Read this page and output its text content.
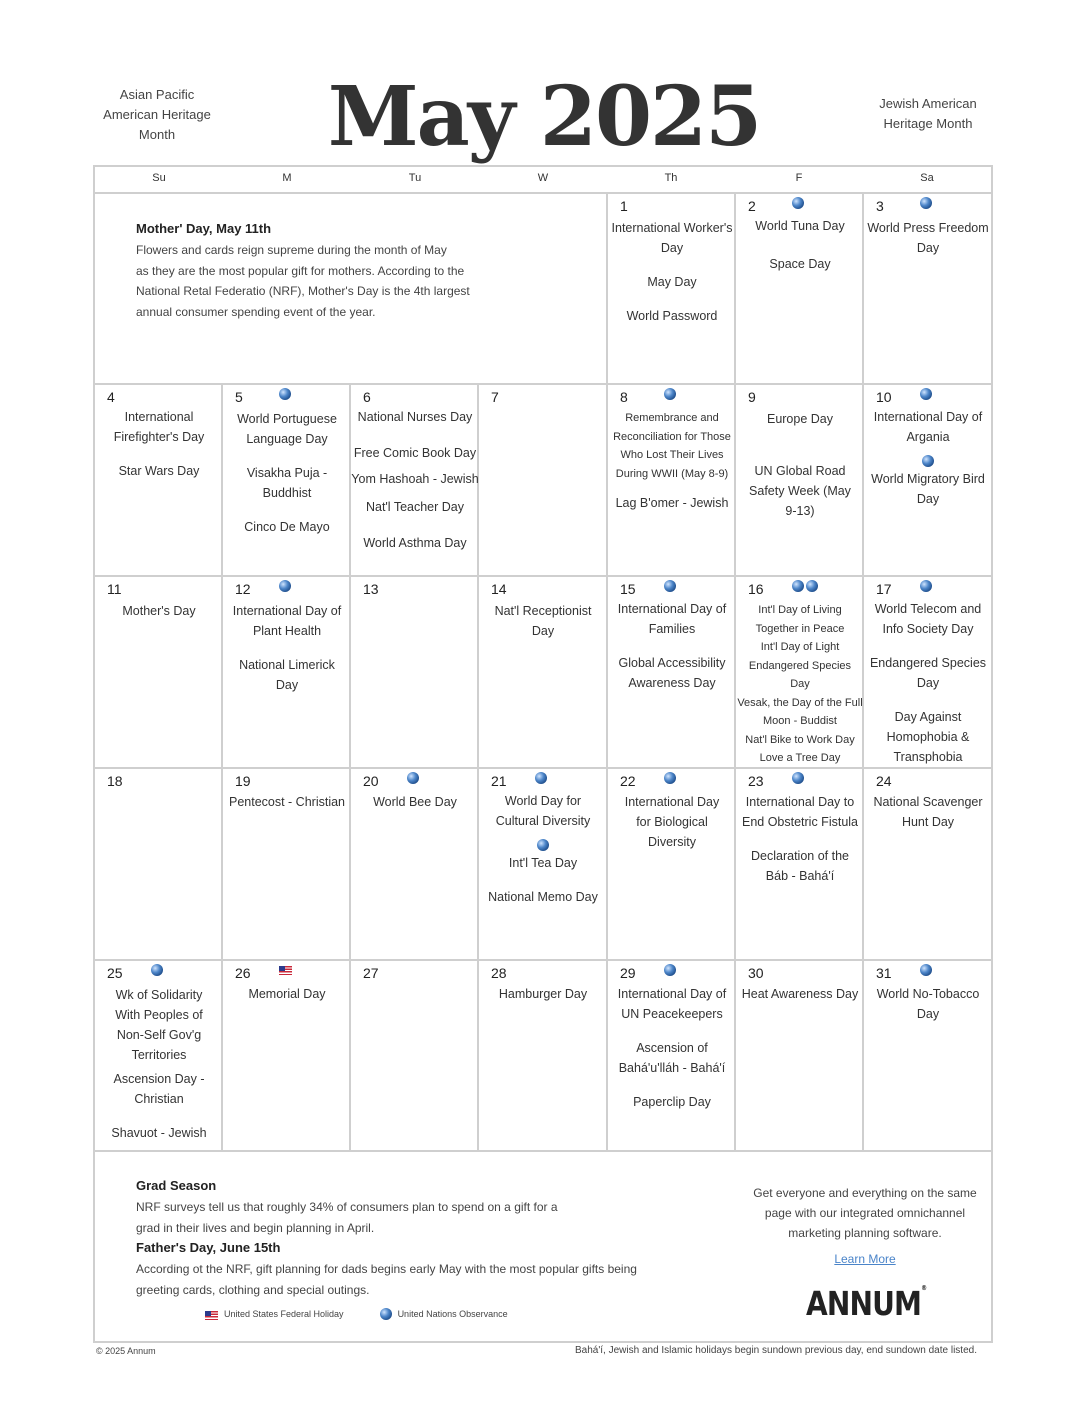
Asian Pacific American Heritage Month	May 2025	Jewish American Heritage Month
Su	M	Tu	W	Th	F	Sa
Mother' Day, May 11th
Flowers and cards reign supreme during the month of May
as they are the most popular gift for mothers. According to the
National Retal Federatio (NRF), Mother's Day is the 4th largest
annual consumer spending event of the year.
1
International Worker's Day
May Day
World Password
2
World Tuna Day
Space Day
3
World Press Freedom Day
4
International Firefighter's Day
Star Wars Day
5
World Portuguese Language Day
Visakha Puja - Buddhist
Cinco De Mayo
6
National Nurses Day
Free Comic Book Day
Yom Hashoah - Jewish
Nat'l Teacher Day
World Asthma Day
7	8
Remembrance and Reconciliation for Those Who Lost Their Lives During WWII (May 8-9)
Lag B'omer - Jewish
9
Europe Day
UN Global Road Safety Week (May 9-13)
10
International Day of Argania
World Migratory Bird Day
11
Mother's Day
12
International Day of Plant Health
National Limerick Day
13	14
Nat'l Receptionist Day
15
International Day of Families
Global Accessibility Awareness Day
16
Int'l Day of Living Together in Peace
Int'l Day of Light
Endangered Species Day
Vesak, the Day of the Full Moon - Buddist
Nat'l Bike to Work Day
Love a Tree Day
17
World Telecom and Info Society Day
Endangered Species Day
Day Against Homophobia & Transphobia
18	19
Pentecost - Christian
20
World Bee Day
21
World Day for Cultural Diversity
Int'l Tea Day
National Memo Day
22
International Day for Biological Diversity
23
International Day to End Obstetric Fistula
Declaration of the Báb - Bahá'í
24
National Scavenger Hunt Day
25
Wk of Solidarity With Peoples of Non-Self Gov'g Territories
Ascension Day - Christian
Shavuot - Jewish
26
Memorial Day
27	28
Hamburger Day
29
International Day of UN Peacekeepers
Ascension of Bahá'u'lláh - Bahá'í
Paperclip Day
30
Heat Awareness Day
31
World No-Tobacco Day
Grad Season
NRF surveys tell us that roughly 34% of consumers plan to spend on a gift for a
grad in their lives and begin planning in April.
Father's Day, June 15th
According ot the NRF, gift planning for dads begins early May with the most popular gifts being
greeting cards, clothing and special outings.
United States Federal Holiday	United Nations Observance
Get everyone and everything on the same
page with our integrated omnichannel
marketing planning software.
Learn More
ANNUM®
© 2025 Annum	Bahá'í, Jewish and Islamic holidays begin sundown previous day, end sundown date listed.
